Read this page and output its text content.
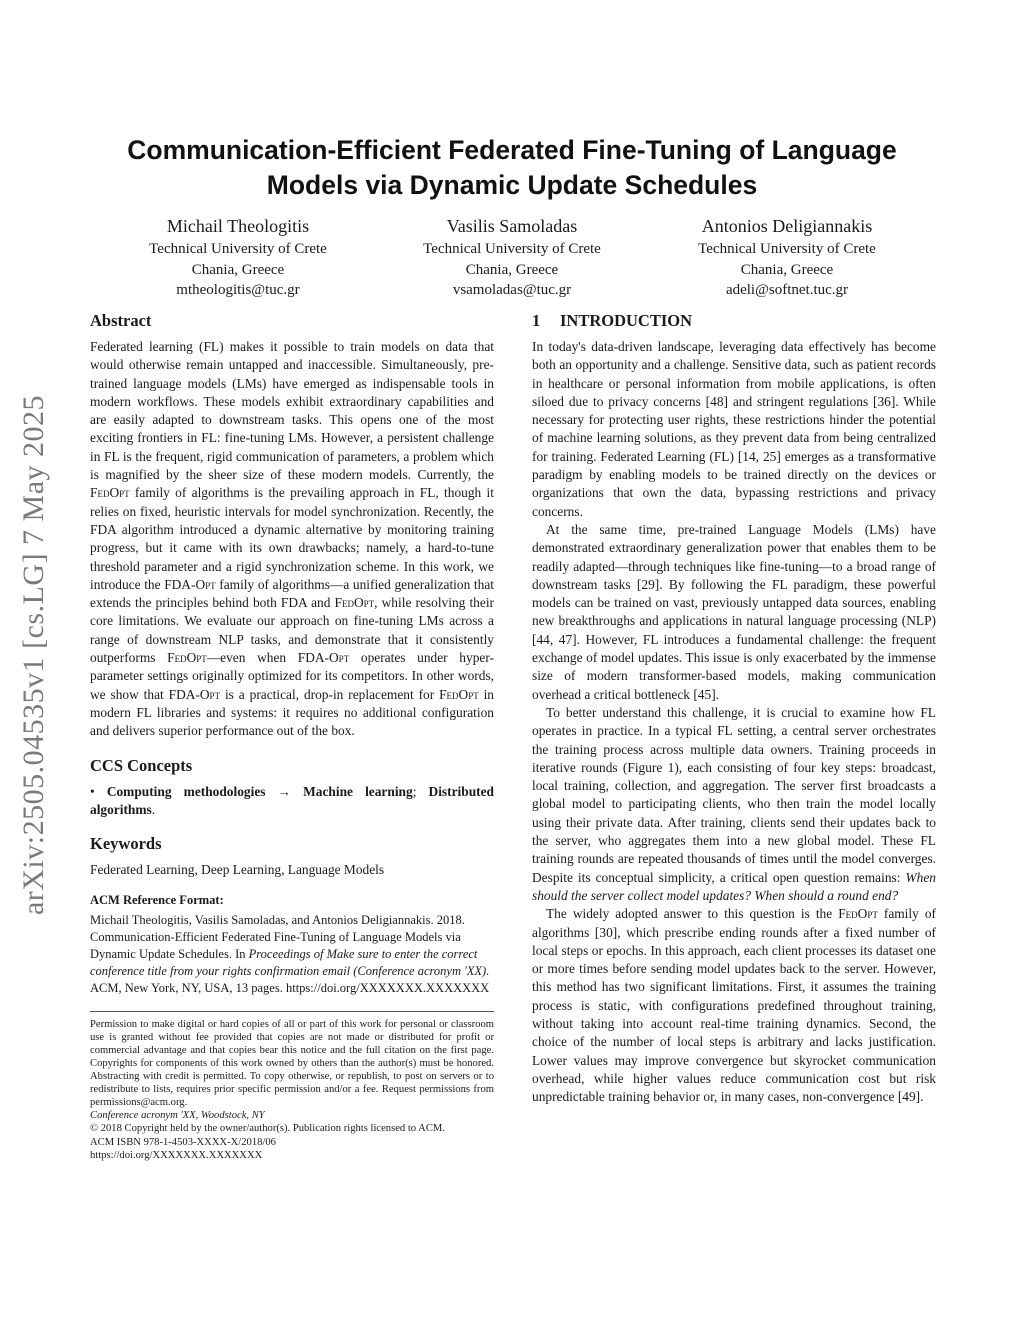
arXiv:2505.04535v1 [cs.LG] 7 May 2025
Communication-Efficient Federated Fine-Tuning of Language Models via Dynamic Update Schedules
Michail Theologitis
Technical University of Crete
Chania, Greece
mtheologitis@tuc.gr
Vasilis Samoladas
Technical University of Crete
Chania, Greece
vsamoladas@tuc.gr
Antonios Deligiannakis
Technical University of Crete
Chania, Greece
adeli@softnet.tuc.gr
Abstract

Federated learning (FL) makes it possible to train models on data that would otherwise remain untapped and inaccessible. Simultaneously, pre-trained language models (LMs) have emerged as indispensable tools in modern workflows. These models exhibit extraordinary capabilities and are easily adapted to downstream tasks. This opens one of the most exciting frontiers in FL: fine-tuning LMs. However, a persistent challenge in FL is the frequent, rigid communication of parameters, a problem which is magnified by the sheer size of these modern models. Currently, the FedOpt family of algorithms is the prevailing approach in FL, though it relies on fixed, heuristic intervals for model synchronization. Recently, the FDA algorithm introduced a dynamic alternative by monitoring training progress, but it came with its own drawbacks; namely, a hard-to-tune threshold parameter and a rigid synchronization scheme. In this work, we introduce the FDA-Opt family of algorithms—a unified generalization that extends the principles behind both FDA and FedOpt, while resolving their core limitations. We evaluate our approach on fine-tuning LMs across a range of downstream NLP tasks, and demonstrate that it consistently outperforms FedOpt—even when FDA-Opt operates under hyper-parameter settings originally optimized for its competitors. In other words, we show that FDA-Opt is a practical, drop-in replacement for FedOpt in modern FL libraries and systems: it requires no additional configuration and delivers superior performance out of the box.

CCS Concepts

• Computing methodologies → Machine learning; Distributed algorithms.

Keywords

Federated Learning, Deep Learning, Language Models

ACM Reference Format:

Michail Theologitis, Vasilis Samoladas, and Antonios Deligiannakis. 2018. Communication-Efficient Federated Fine-Tuning of Language Models via Dynamic Update Schedules. In Proceedings of Make sure to enter the correct conference title from your rights confirmation email (Conference acronym 'XX). ACM, New York, NY, USA, 13 pages. https://doi.org/XXXXXXX.XXXXXXX

Permission to make digital or hard copies of all or part of this work for personal or classroom use is granted without fee provided that copies are not made or distributed for profit or commercial advantage and that copies bear this notice and the full citation on the first page. Copyrights for components of this work owned by others than the author(s) must be honored. Abstracting with credit is permitted. To copy otherwise, or republish, to post on servers or to redistribute to lists, requires prior specific permission and/or a fee. Request permissions from permissions@acm.org.

Conference acronym 'XX, Woodstock, NY

© 2018 Copyright held by the owner/author(s). Publication rights licensed to ACM.

ACM ISBN 978-1-4503-XXXX-X/2018/06

https://doi.org/XXXXXXX.XXXXXXX

1 INTRODUCTION

In today's data-driven landscape, leveraging data effectively has become both an opportunity and a challenge. Sensitive data, such as patient records in healthcare or personal information from mobile applications, is often siloed due to privacy concerns [48] and stringent regulations [36]. While necessary for protecting user rights, these restrictions hinder the potential of machine learning solutions, as they prevent data from being centralized for training. Federated Learning (FL) [14, 25] emerges as a transformative paradigm by enabling models to be trained directly on the devices or organizations that own the data, bypassing restrictions and privacy concerns.

At the same time, pre-trained Language Models (LMs) have demonstrated extraordinary generalization power that enables them to be readily adapted—through techniques like fine-tuning—to a broad range of downstream tasks [29]. By following the FL paradigm, these powerful models can be trained on vast, previously untapped data sources, enabling new breakthroughs and applications in natural language processing (NLP) [44, 47]. However, FL introduces a fundamental challenge: the frequent exchange of model updates. This issue is only exacerbated by the immense size of modern transformer-based models, making communication overhead a critical bottleneck [45].

To better understand this challenge, it is crucial to examine how FL operates in practice. In a typical FL setting, a central server orchestrates the training process across multiple data owners. Training proceeds in iterative rounds (Figure 1), each consisting of four key steps: broadcast, local training, collection, and aggregation. The server first broadcasts a global model to participating clients, who then train the model locally using their private data. After training, clients send their updates back to the server, who aggregates them into a new global model. These FL training rounds are repeated thousands of times until the model converges. Despite its conceptual simplicity, a critical open question remains: When should the server collect model updates? When should a round end?

The widely adopted answer to this question is the FedOpt family of algorithms [30], which prescribe ending rounds after a fixed number of local steps or epochs. In this approach, each client processes its dataset one or more times before sending model updates back to the server. However, this method has two significant limitations. First, it assumes the training process is static, with configurations predefined throughout training, without taking into account real-time training dynamics. Second, the choice of the number of local steps is arbitrary and lacks justification. Lower values may improve convergence but skyrocket communication overhead, while higher values reduce communication cost but risk unpredictable training behavior or, in many cases, non-convergence [49].
